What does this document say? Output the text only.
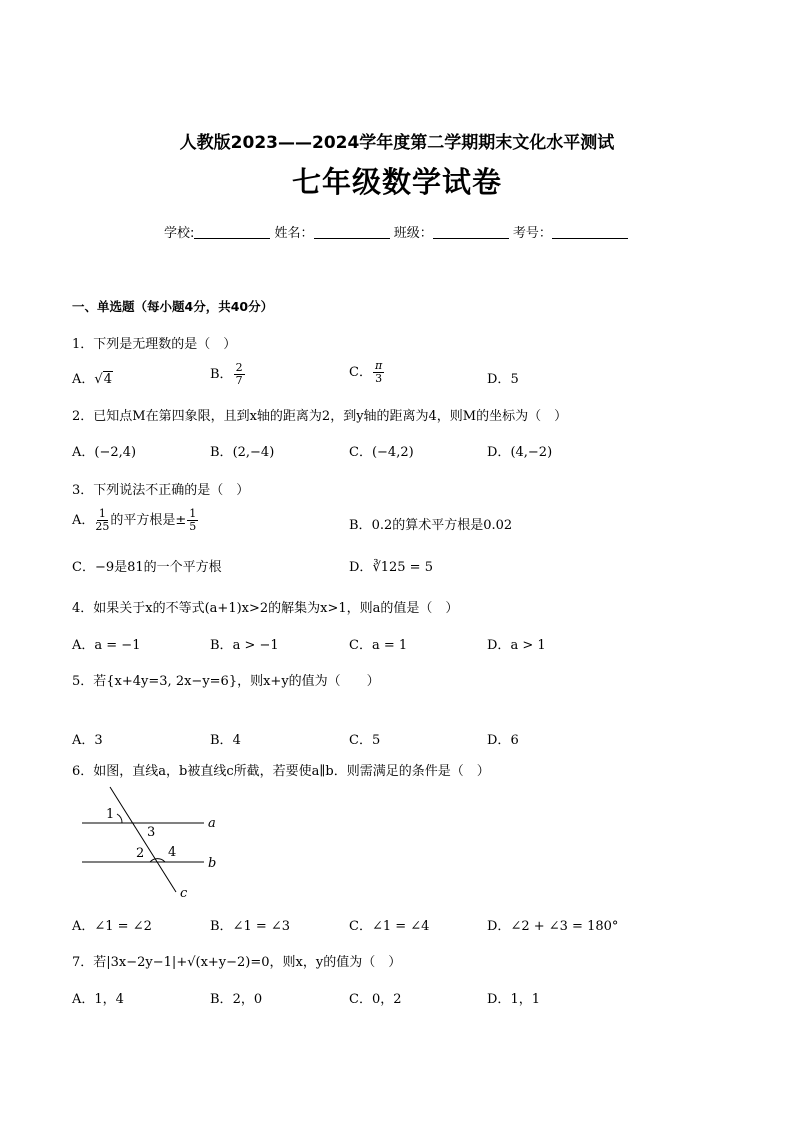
人教版2023——2024学年度第二学期期末文化水平测试
七年级数学试卷
学校:	姓名：	班级：	考号：
一、单选题（每小题4分，共40分）
1．下列是无理数的是（　）
A．√4	B． $\frac{2}{7}$	C． $\frac{\pi}{3}$	D．5
2．已知点M在第四象限，且到x轴的距离为2，到y轴的距离为4，则M的坐标为（　）
A．(−2,4)	B．(2,−4)	C．(−4,2)	D．(4,−2)
3．下列说法不正确的是（　）
A． $\frac{1}{25}$ 的平方根是± $\frac{1}{5}$	B．0.2的算术平方根是0.02
C．−9是81的一个平方根	D．∛125 = 5
4．如果关于x的不等式(a+1)x>2的解集为x>1，则a的值是（　）
A．a = −1	B．a > −1	C．a = 1	D．a > 1
5．若{x+4y=3, 2x−y=6}，则x+y的值为（　　）
A．3	B．4	C．5	D．6
6．如图，直线a，b被直线c所截，若要使a∥b．则需满足的条件是（　）
1
2
3
4
a
b
c
A．∠1 = ∠2	B．∠1 = ∠3	C．∠1 = ∠4	D．∠2 + ∠3 = 180°
7．若|3x−2y−1|+√(x+y−2)=0，则x，y的值为（　）
A．1，4	B．2，0	C．0，2	D．1，1
